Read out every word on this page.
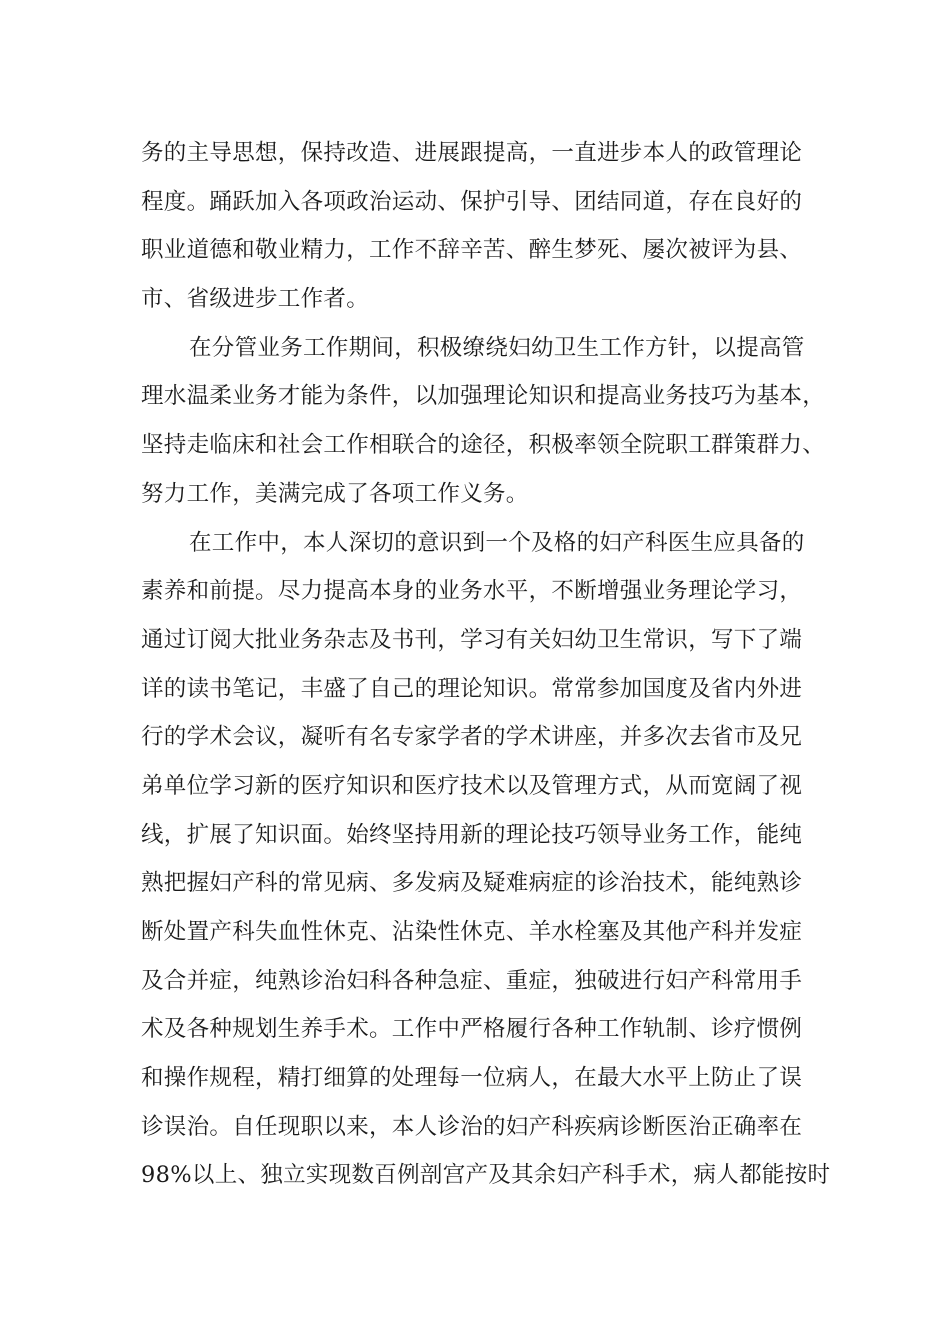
务的主导思想，保持改造、进展跟提高，一直进步本人的政管理论
程度。踊跃加入各项政治运动、保护引导、团结同道，存在良好的
职业道德和敬业精力，工作不辞辛苦、醉生梦死、屡次被评为县、
市、省级进步工作者。
在分管业务工作期间，积极缭绕妇幼卫生工作方针，以提高管
理水温柔业务才能为条件，以加强理论知识和提高业务技巧为基本，
坚持走临床和社会工作相联合的途径，积极率领全院职工群策群力、
努力工作，美满完成了各项工作义务。
在工作中，本人深切的意识到一个及格的妇产科医生应具备的
素养和前提。尽力提高本身的业务水平，不断增强业务理论学习，
通过订阅大批业务杂志及书刊，学习有关妇幼卫生常识，写下了端
详的读书笔记，丰盛了自己的理论知识。常常参加国度及省内外进
行的学术会议，凝听有名专家学者的学术讲座，并多次去省市及兄
弟单位学习新的医疗知识和医疗技术以及管理方式，从而宽阔了视
线，扩展了知识面。始终坚持用新的理论技巧领导业务工作，能纯
熟把握妇产科的常见病、多发病及疑难病症的诊治技术，能纯熟诊
断处置产科失血性休克、沾染性休克、羊水栓塞及其他产科并发症
及合并症，纯熟诊治妇科各种急症、重症，独破进行妇产科常用手
术及各种规划生养手术。工作中严格履行各种工作轨制、诊疗惯例
和操作规程，精打细算的处理每一位病人，在最大水平上防止了误
诊误治。自任现职以来，本人诊治的妇产科疾病诊断医治正确率在
98%以上、独立实现数百例剖宫产及其余妇产科手术，病人都能按时
